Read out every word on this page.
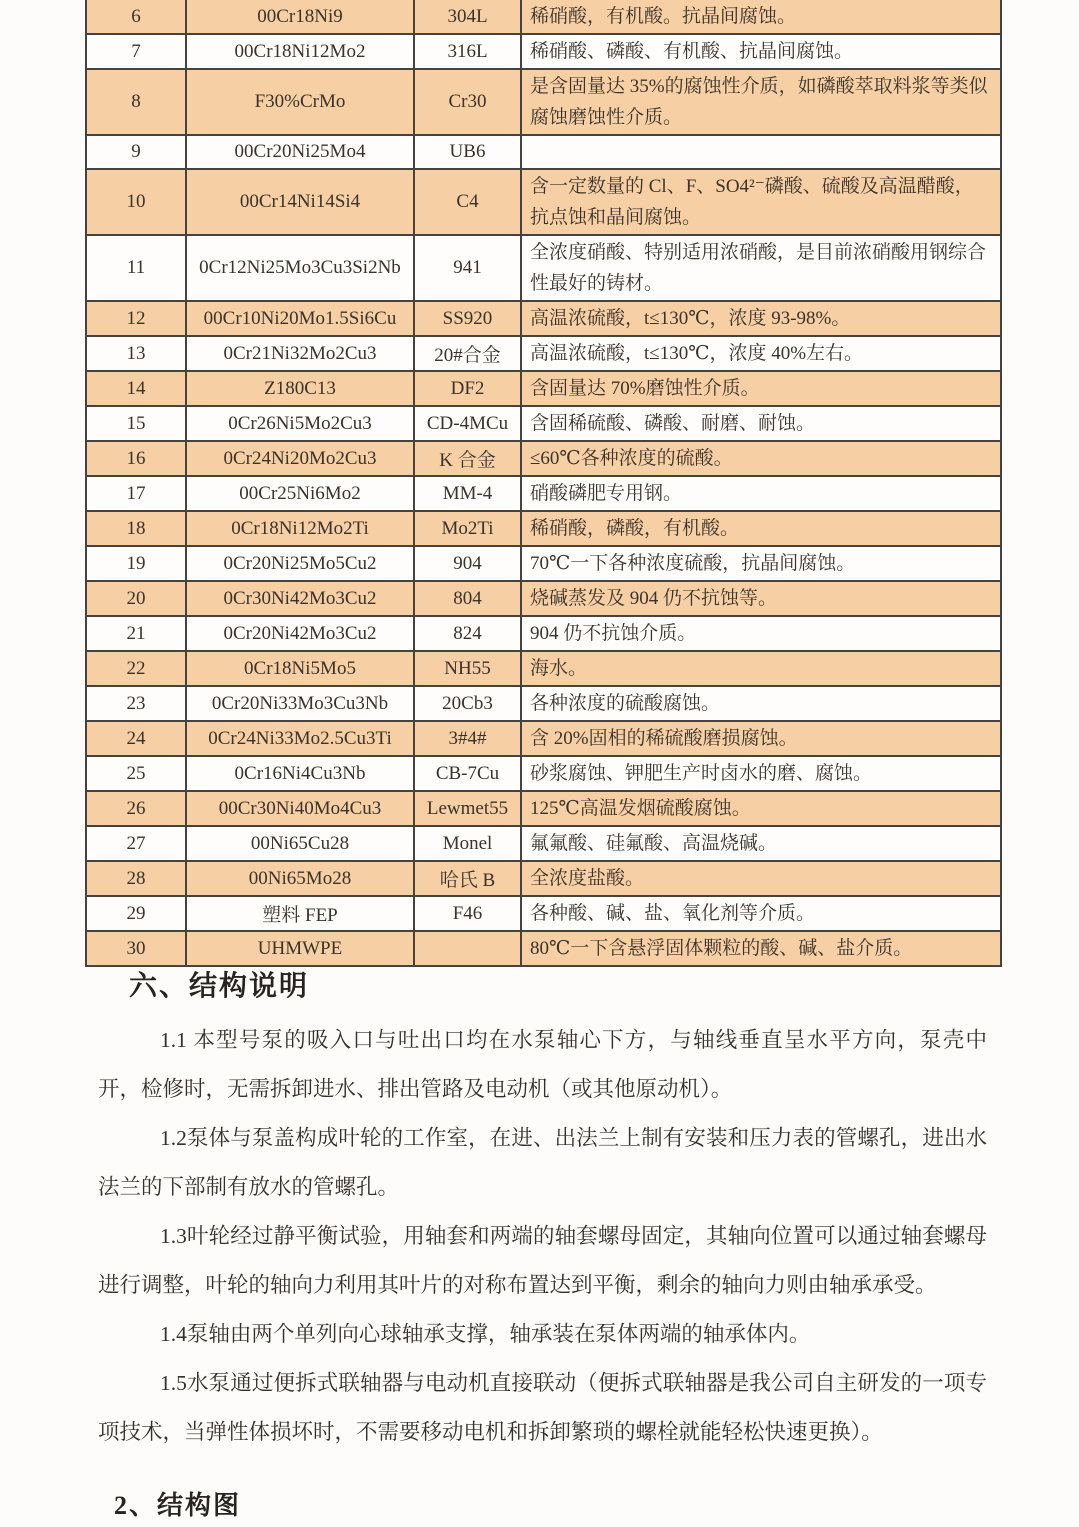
6	00Cr18Ni9	304L	稀硝酸，有机酸。抗晶间腐蚀。
7	00Cr18Ni12Mo2	316L	稀硝酸、磷酸、有机酸、抗晶间腐蚀。
8	F30%CrMo	Cr30	是含固量达 35%的腐蚀性介质，如磷酸萃取料浆等类似腐蚀磨蚀性介质。
9	00Cr20Ni25Mo4	UB6	
10	00Cr14Ni14Si4	C4	含一定数量的 Cl、F、SO4²⁻磷酸、硫酸及高温醋酸，抗点蚀和晶间腐蚀。
11	0Cr12Ni25Mo3Cu3Si2Nb	941	全浓度硝酸、特别适用浓硝酸，是目前浓硝酸用钢综合性最好的铸材。
12	00Cr10Ni20Mo1.5Si6Cu	SS920	高温浓硫酸，t≤130℃，浓度 93-98%。
13	0Cr21Ni32Mo2Cu3	20#合金	高温浓硫酸，t≤130℃，浓度 40%左右。
14	Z180C13	DF2	含固量达 70%磨蚀性介质。
15	0Cr26Ni5Mo2Cu3	CD-4MCu	含固稀硫酸、磷酸、耐磨、耐蚀。
16	0Cr24Ni20Mo2Cu3	K 合金	≤60℃各种浓度的硫酸。
17	00Cr25Ni6Mo2	MM-4	硝酸磷肥专用钢。
18	0Cr18Ni12Mo2Ti	Mo2Ti	稀硝酸，磷酸，有机酸。
19	0Cr20Ni25Mo5Cu2	904	70℃一下各种浓度硫酸，抗晶间腐蚀。
20	0Cr30Ni42Mo3Cu2	804	烧碱蒸发及 904 仍不抗蚀等。
21	0Cr20Ni42Mo3Cu2	824	904 仍不抗蚀介质。
22	0Cr18Ni5Mo5	NH55	海水。
23	0Cr20Ni33Mo3Cu3Nb	20Cb3	各种浓度的硫酸腐蚀。
24	0Cr24Ni33Mo2.5Cu3Ti	3#4#	含 20%固相的稀硫酸磨损腐蚀。
25	0Cr16Ni4Cu3Nb	CB-7Cu	砂浆腐蚀、钾肥生产时卤水的磨、腐蚀。
26	00Cr30Ni40Mo4Cu3	Lewmet55	125℃高温发烟硫酸腐蚀。
27	00Ni65Cu28	Monel	氟氟酸、硅氟酸、高温烧碱。
28	00Ni65Mo28	哈氏 B	全浓度盐酸。
29	塑料 FEP	F46	各种酸、碱、盐、氧化剂等介质。
30	UHMWPE		80℃一下含悬浮固体颗粒的酸、碱、盐介质。
六、结构说明

1.1 本型号泵的吸入口与吐出口均在水泵轴心下方，与轴线垂直呈水平方向，泵壳中开，检修时，无需拆卸进水、排出管路及电动机（或其他原动机）。

1.2泵体与泵盖构成叶轮的工作室，在进、出法兰上制有安装和压力表的管螺孔，进出水法兰的下部制有放水的管螺孔。

1.3叶轮经过静平衡试验，用轴套和两端的轴套螺母固定，其轴向位置可以通过轴套螺母进行调整，叶轮的轴向力利用其叶片的对称布置达到平衡，剩余的轴向力则由轴承承受。

1.4泵轴由两个单列向心球轴承支撑，轴承装在泵体两端的轴承体内。

1.5水泵通过便拆式联轴器与电动机直接联动（便拆式联轴器是我公司自主研发的一项专项技术，当弹性体损坏时，不需要移动电机和拆卸繁琐的螺栓就能轻松快速更换）。

2、结构图
